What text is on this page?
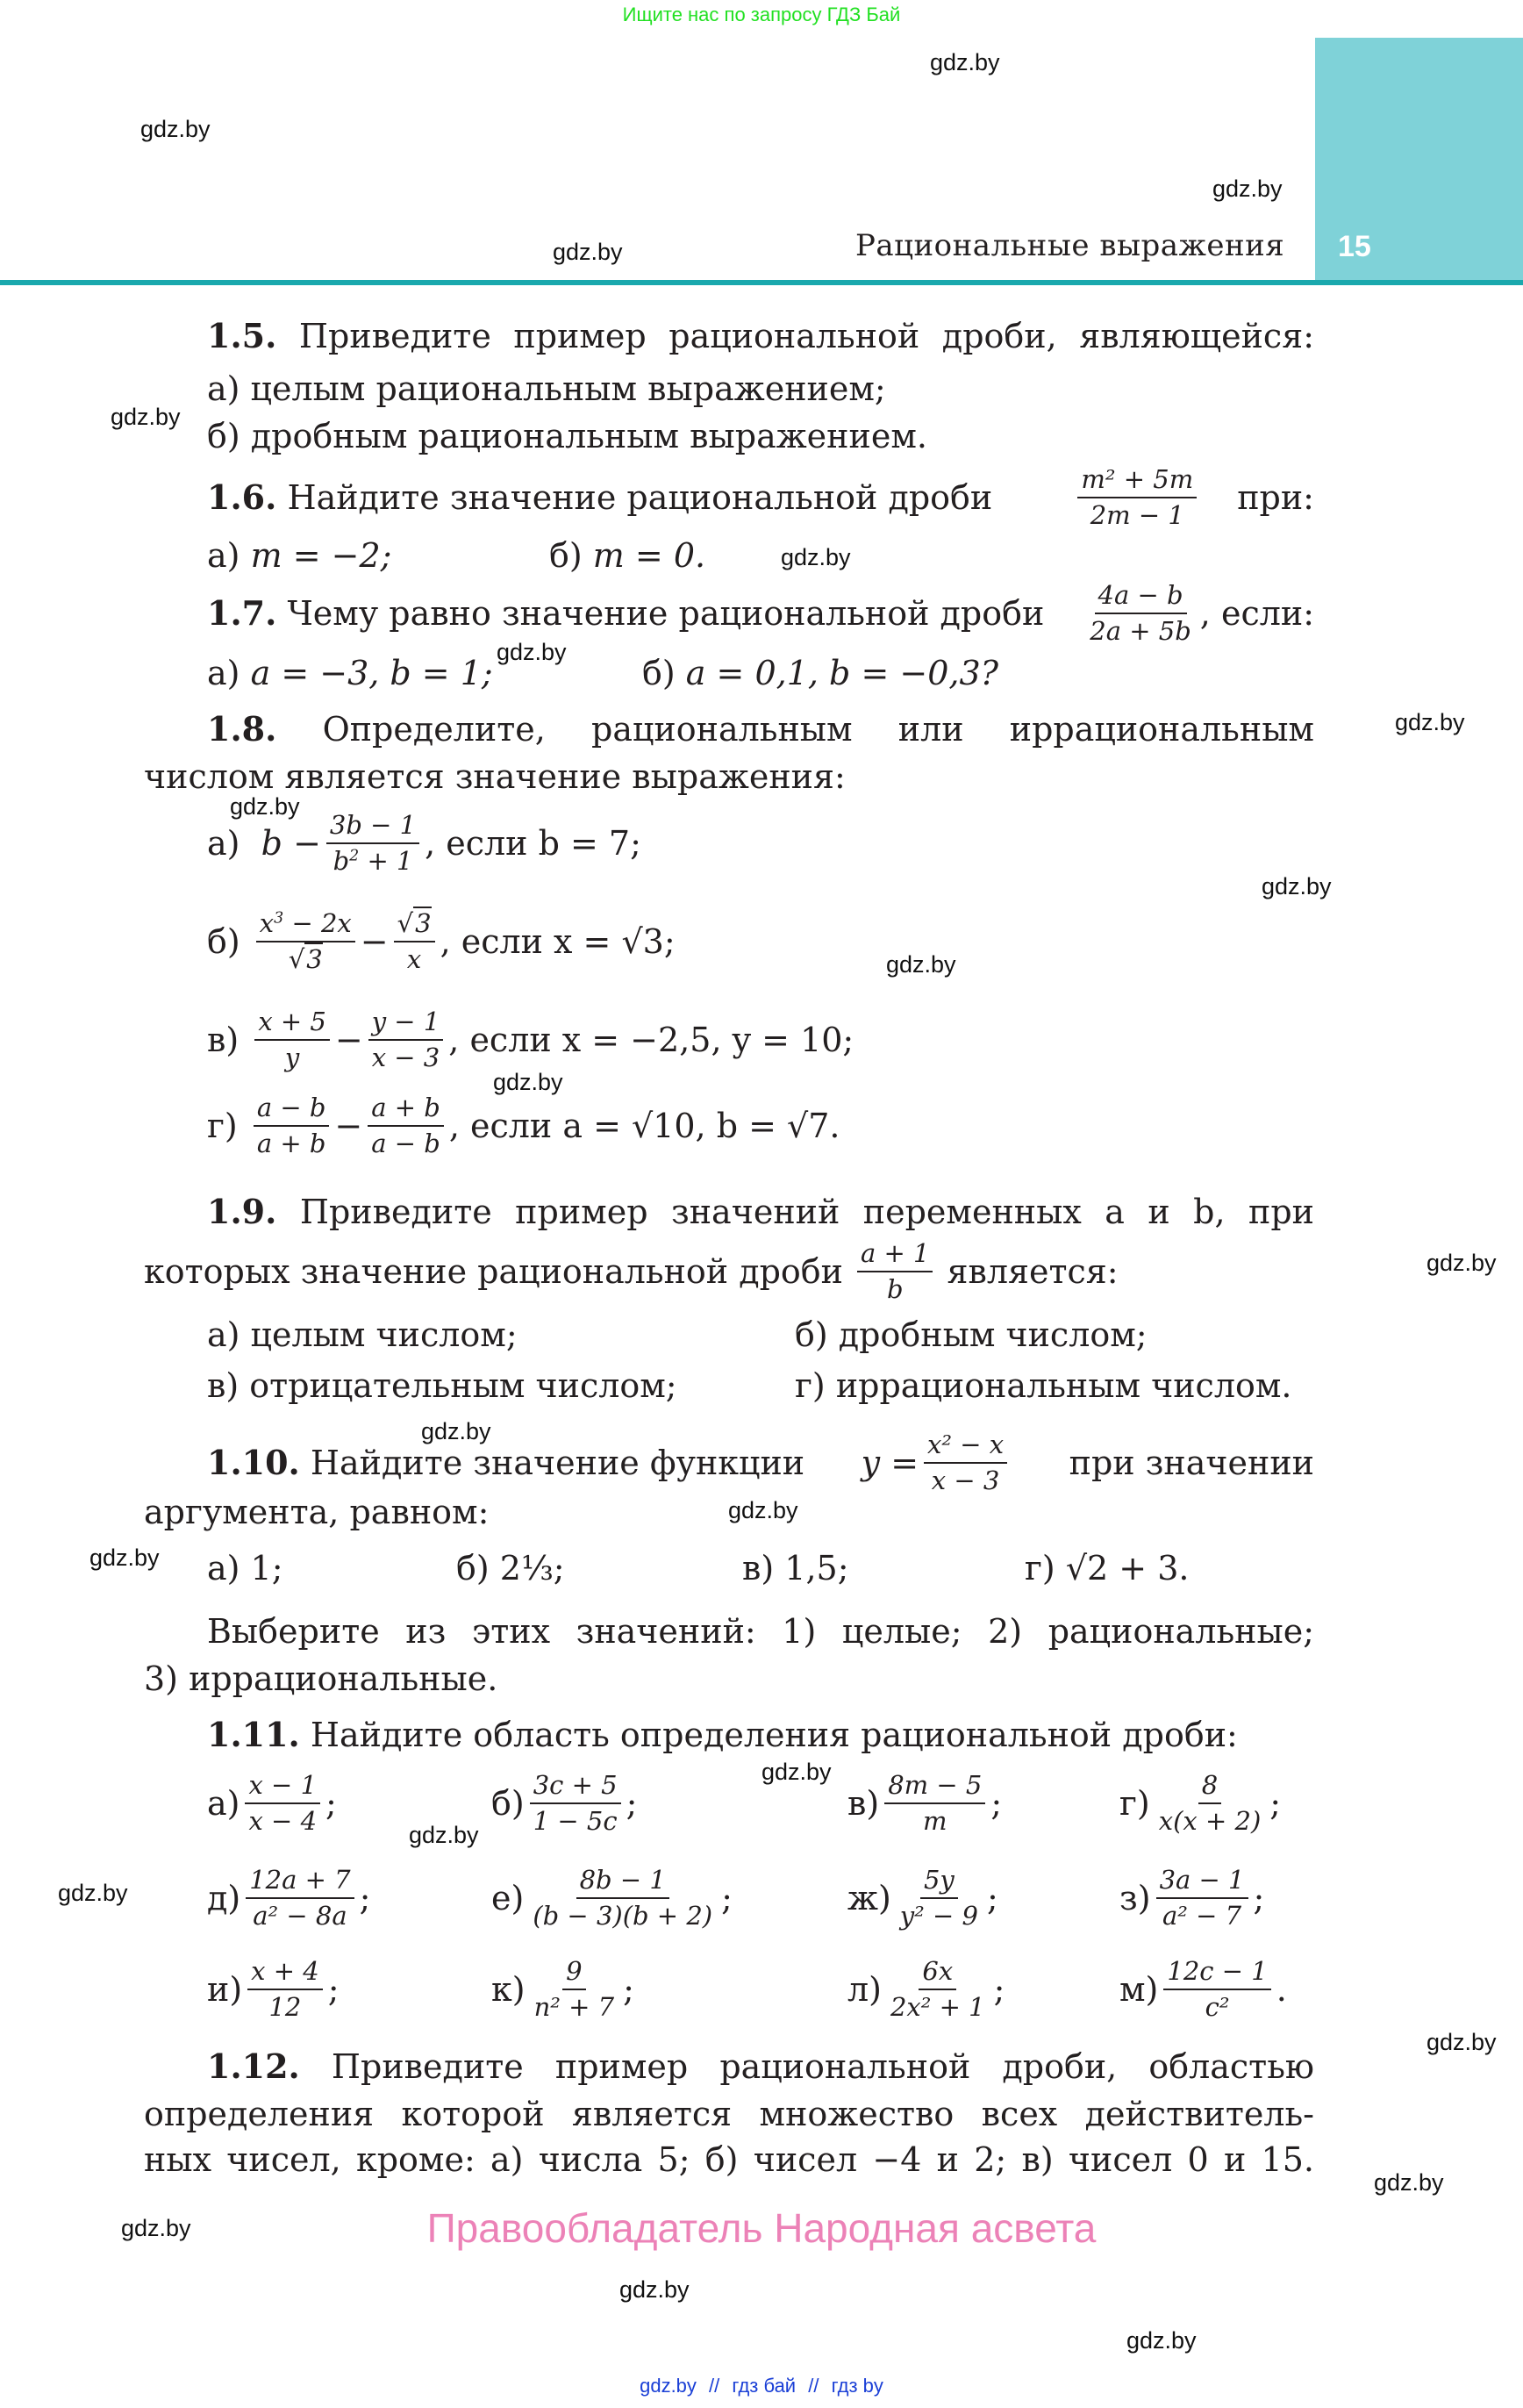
Ищите нас по запросу ГДЗ Бай
15
Рациональные выражения
gdz.by
gdz.by
gdz.by
gdz.by
gdz.by
gdz.by
gdz.by
gdz.by
gdz.by
gdz.by
gdz.by
gdz.by
gdz.by
gdz.by
gdz.by
gdz.by
gdz.by
gdz.by
gdz.by
gdz.by
gdz.by
gdz.by
gdz.by
gdz.by
1.5. Приведите пример рациональной дроби, являющейся:
а) целым рациональным выражением;
б) дробным рациональным выражением.
1.6. Найдите значение рациональной дроби	$\frac{\text{m² + 5m}}{2m - 1}$ при:
а) m = −2;	б) m = 0.
1.7. Чему равно значение рациональной дроби $\frac{4a - b}{2a + 5b}$ , если:
а) a = −3, b = 1;	б) a = 0,1, b = −0,3?
1.8. Определите, рациональным или иррациональным
числом является значение выражения:
а)
$b - \frac{3b - 1}{b^2 + 1}$ , если b = 7;
б)
$\frac{x^3 - 2x}{√3} - \frac{√3}{x}$ , если x = √3;
в)
$\frac{x + 5}{y} - \frac{y - 1}{x - 3}$ , если x = −2,5, y = 10;
г)
$\frac{a - b}{a + b} - \frac{a + b}{a - b}$ , если a = √10, b = √7.
1.9. Приведите пример значений переменных a и b, при
которых значение рациональной дроби $\frac{a + 1}{b}$ является:
а) целым числом;	б) дробным числом;
в) отрицательным числом;	г) иррациональным числом.
1.10. Найдите значение функции $y = \frac{\text{x² − x}}{x - 3}$ при значении
аргумента, равном:
а) 1;	б) 2⅓;	в) 1,5;	г) √2 + 3.
Выберите из этих значений: 1) целые; 2) рациональные;
3) иррациональные.
1.11. Найдите область определения рациональной дроби:
$а) \frac{x - 1}{x - 4}$ ;	$б) \frac{3c + 5}{1 - 5c}$ ;	$в) \frac{8m - 5}{m}$ ;	$г) \frac{8}{x(x + 2)}$ ;
$д) \frac{12a + 7}{\text{a² − 8a}}$ ;	$е) \frac{8b - 1}{(b - 3)(b + 2)}$ ;	$ж) \frac{5y}{\text{y² − 9}}$ ;	$з) \frac{3a - 1}{\text{a² − 7}}$ ;
$и) \frac{x + 4}{12}$ ;	$к) \frac{9}{\text{n² + 7}}$ ;	$л) \frac{6x}{\text{2x² + 1}}$ ;	$м) \frac{12c - 1}{\text{c²}}$ .
1.12. Приведите пример рациональной дроби, областью
определения которой является множество всех действитель-
ных чисел, кроме: а) числа 5; б) чисел −4 и 2; в) чисел 0 и 15.
Правообладатель Народная асвета
gdz.by // гдз бай // гдз by
